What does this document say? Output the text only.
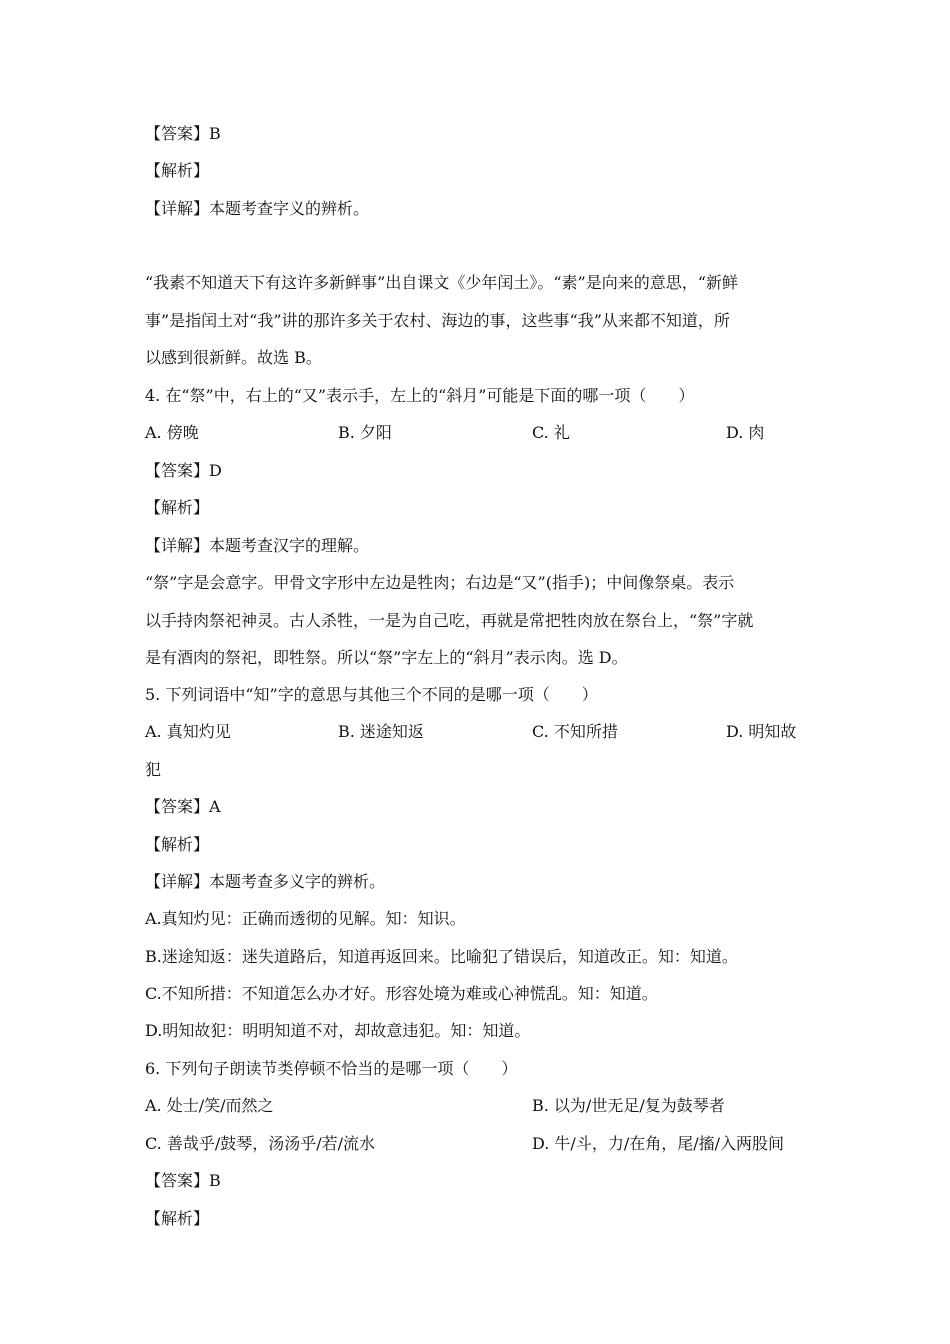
【答案】B
【解析】
【详解】本题考查字义的辨析。
“我素不知道天下有这许多新鲜事”出自课文《少年闰土》。“素”是向来的意思，“新鲜
事”是指闰土对“我”讲的那许多关于农村、海边的事，这些事“我”从来都不知道，所
以感到很新鲜。故选 B。
4. 在“祭”中，右上的“又”表示手，左上的“斜月”可能是下面的哪一项（　　）
A. 傍晚	B. 夕阳	C. 礼	D. 肉
【答案】D
【解析】
【详解】本题考查汉字的理解。
“祭”字是会意字。甲骨文字形中左边是牲肉；右边是“又”(指手)；中间像祭桌。表示
以手持肉祭祀神灵。古人杀牲，一是为自己吃，再就是常把牲肉放在祭台上，“祭”字就
是有酒肉的祭祀，即牲祭。所以“祭”字左上的“斜月”表示肉。选 D。
5. 下列词语中“知”字的意思与其他三个不同的是哪一项（　　）
A. 真知灼见	B. 迷途知返	C. 不知所措	D. 明知故
犯
【答案】A
【解析】
【详解】本题考查多义字的辨析。
A.真知灼见：正确而透彻的见解。知：知识。
B.迷途知返：迷失道路后，知道再返回来。比喻犯了错误后，知道改正。知：知道。
C.不知所措：不知道怎么办才好。形容处境为难或心神慌乱。知：知道。
D.明知故犯：明明知道不对，却故意违犯。知：知道。
6. 下列句子朗读节类停顿不恰当的是哪一项（　　）
A. 处士/笑/而然之	B. 以为/世无足/复为鼓琴者
C. 善哉乎/鼓琴，汤汤乎/若/流水	D. 牛/斗，力/在角，尾/搐/入两股间
【答案】B
【解析】
